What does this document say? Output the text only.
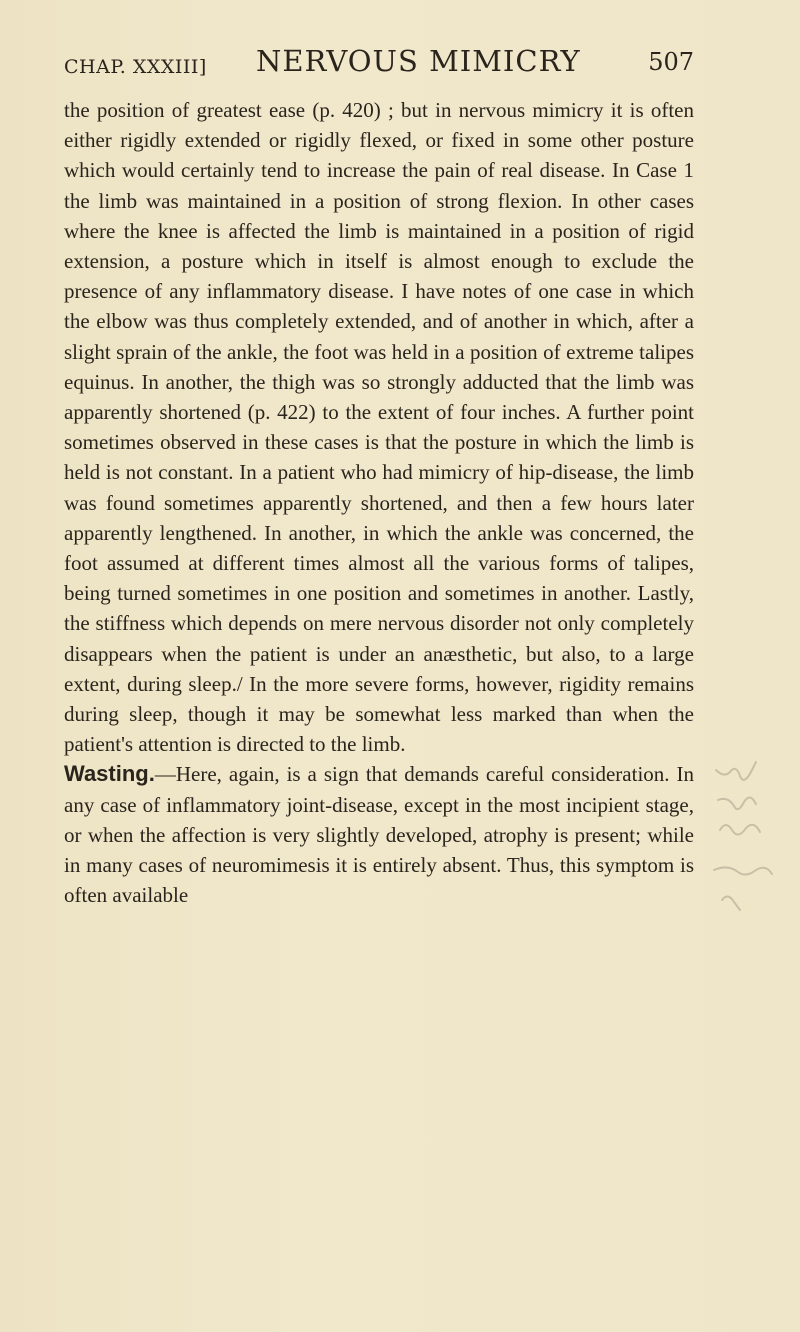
CHAP. XXXIII] NERVOUS MIMICRY	507

the position of greatest ease (p. 420) ; but in nervous mimicry it is often either rigidly extended or rigidly flexed, or fixed in some other posture which would certainly tend to increase the pain of real disease. In Case 1 the limb was maintained in a position of strong flexion. In other cases where the knee is affected the limb is maintained in a position of rigid extension, a posture which in itself is almost enough to exclude the presence of any inflammatory disease. I have notes of one case in which the elbow was thus completely extended, and of another in which, after a slight sprain of the ankle, the foot was held in a position of extreme talipes equinus. In another, the thigh was so strongly adducted that the limb was apparently shortened (p. 422) to the extent of four inches. A further point sometimes observed in these cases is that the posture in which the limb is held is not constant. In a patient who had mimicry of hip-disease, the limb was found sometimes apparently shortened, and then a few hours later apparently lengthened. In another, in which the ankle was concerned, the foot assumed at different times almost all the various forms of talipes, being turned sometimes in one position and sometimes in another. Lastly, the stiffness which depends on mere nervous disorder not only completely disappears when the patient is under an anæsthetic, but also, to a large extent, during sleep./ In the more severe forms, however, rigidity remains during sleep, though it may be somewhat less marked than when the patient's attention is directed to the limb.

Wasting.—Here, again, is a sign that demands careful consideration. In any case of inflammatory joint-disease, except in the most incipient stage, or when the affection is very slightly developed, atrophy is present; while in many cases of neuromimesis it is entirely absent. Thus, this symptom is often available
